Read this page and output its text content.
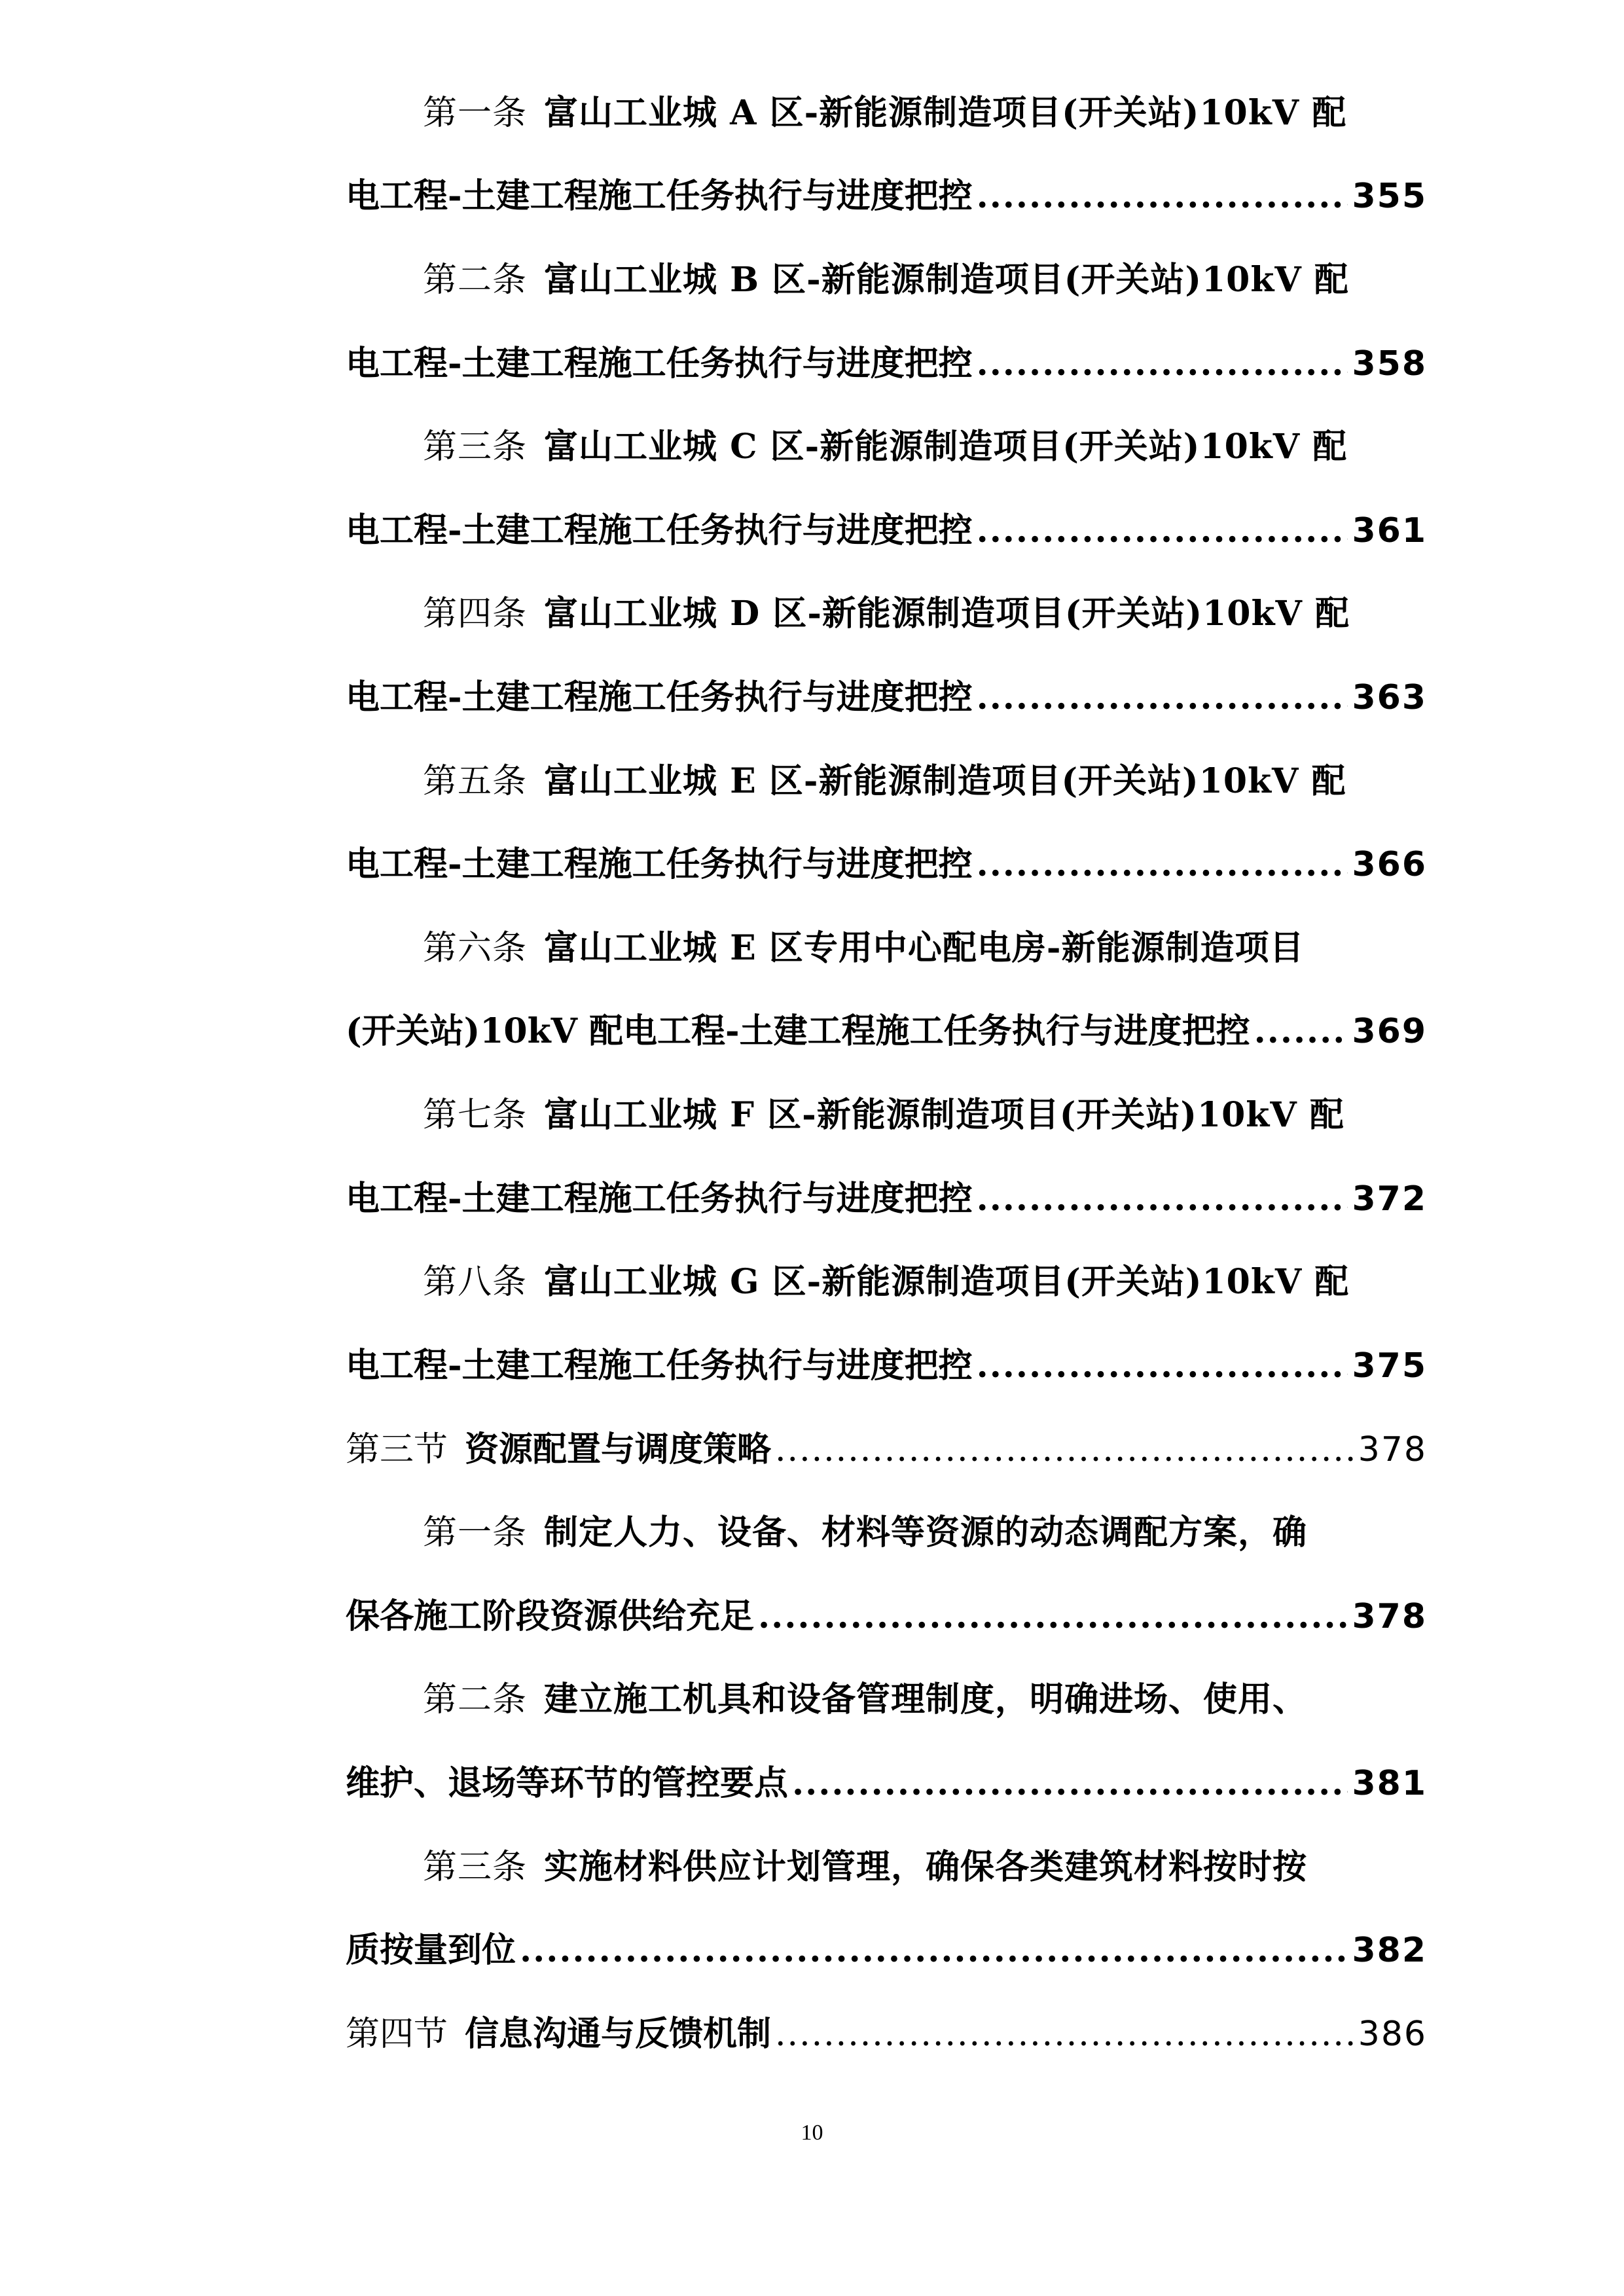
第一条 富山工业城 A 区-新能源制造项目(开关站)10kV 配
电工程-土建工程施工任务执行与进度把控 .....	355
第二条 富山工业城 B 区-新能源制造项目(开关站)10kV 配
电工程-土建工程施工任务执行与进度把控 .....	358
第三条 富山工业城 C 区-新能源制造项目(开关站)10kV 配
电工程-土建工程施工任务执行与进度把控 .....	361
第四条 富山工业城 D 区-新能源制造项目(开关站)10kV 配
电工程-土建工程施工任务执行与进度把控 .....	363
第五条 富山工业城 E 区-新能源制造项目(开关站)10kV 配
电工程-土建工程施工任务执行与进度把控 .....	366
第六条 富山工业城 E 区专用中心配电房-新能源制造项目
(开关站)10kV 配电工程-土建工程施工任务执行与进度把控 .....	369
第七条 富山工业城 F 区-新能源制造项目(开关站)10kV 配
电工程-土建工程施工任务执行与进度把控 .....	372
第八条 富山工业城 G 区-新能源制造项目(开关站)10kV 配
电工程-土建工程施工任务执行与进度把控 .....	375
第三节 资源配置与调度策略 .....	378
第一条 制定人力、设备、材料等资源的动态调配方案，确
保各施工阶段资源供给充足 .....	378
第二条 建立施工机具和设备管理制度，明确进场、使用、
维护、退场等环节的管控要点 .....	381
第三条 实施材料供应计划管理，确保各类建筑材料按时按
质按量到位 .....	382
第四节 信息沟通与反馈机制 .....	386
10
